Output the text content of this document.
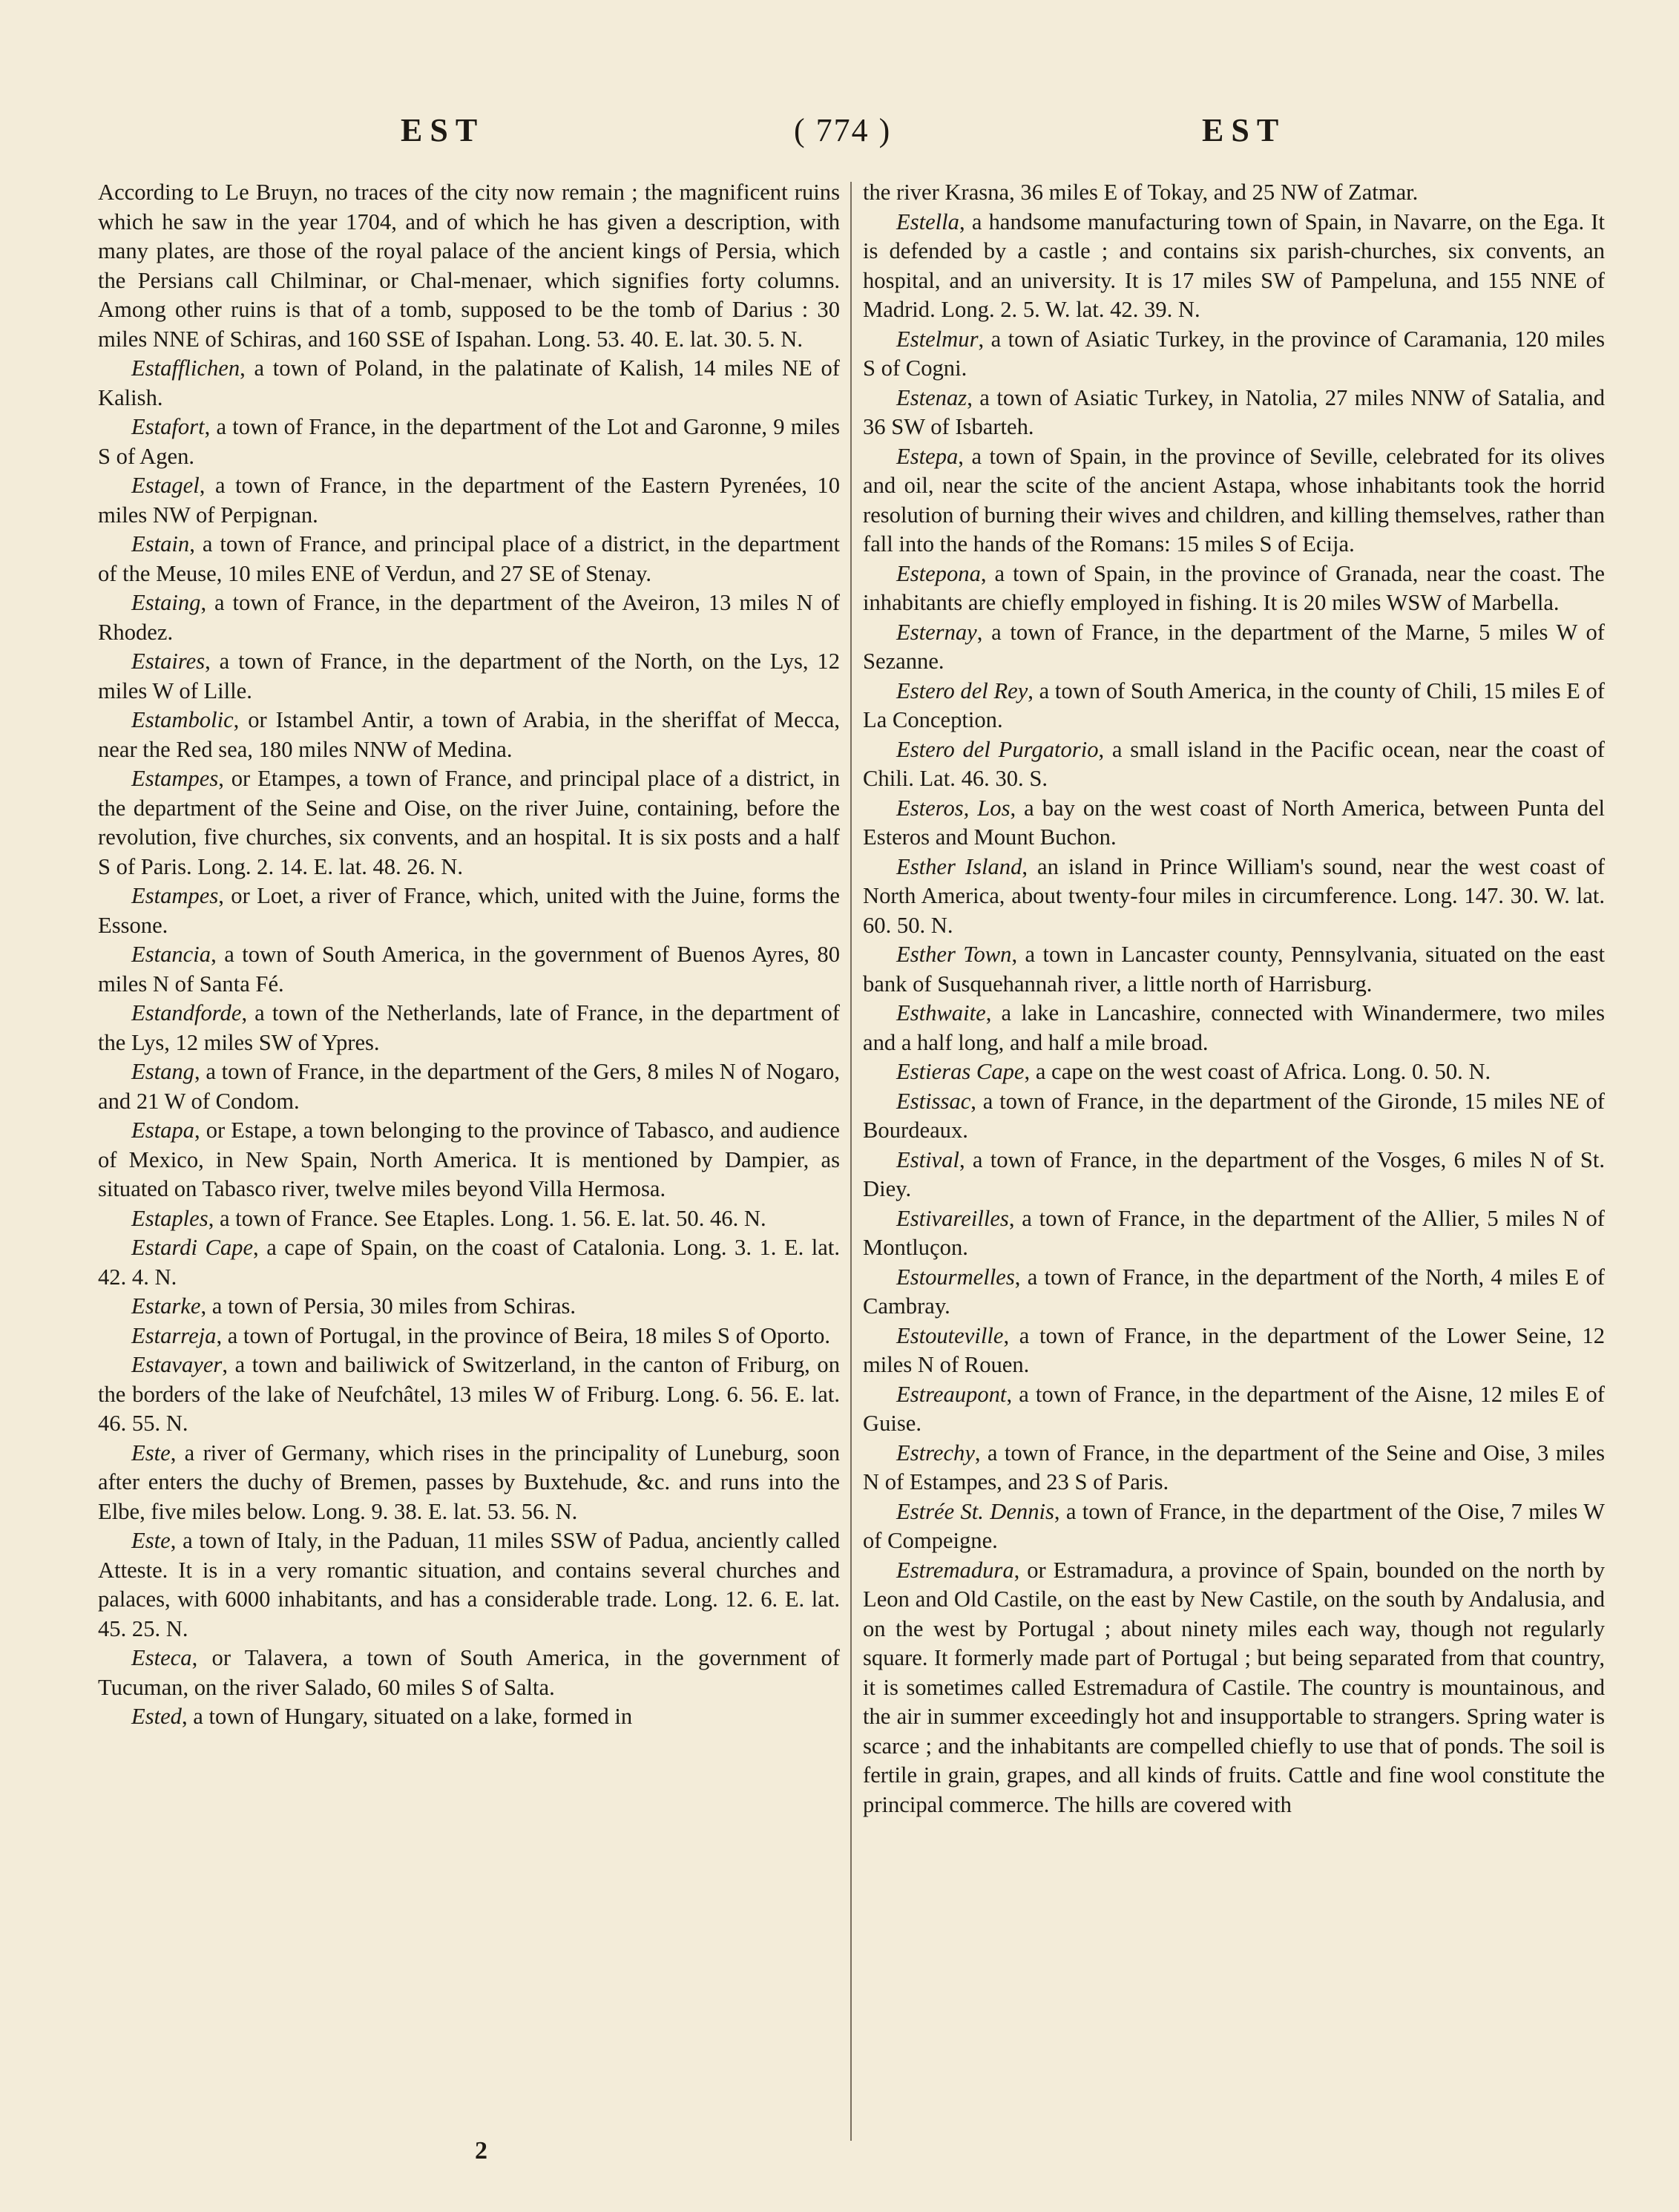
EST	( 774 )	EST

According to Le Bruyn, no traces of the city now remain ; the magnificent ruins which he saw in the year 1704, and of which he has given a description, with many plates, are those of the royal palace of the ancient kings of Persia, which the Persians call Chilminar, or Chal-menaer, which signifies forty columns. Among other ruins is that of a tomb, supposed to be the tomb of Darius : 30 miles NNE of Schiras, and 160 SSE of Ispahan. Long. 53. 40. E. lat. 30. 5. N.

Estafflichen, a town of Poland, in the palatinate of Kalish, 14 miles NE of Kalish.

Estafort, a town of France, in the department of the Lot and Garonne, 9 miles S of Agen.

Estagel, a town of France, in the department of the Eastern Pyrenées, 10 miles NW of Perpignan.

Estain, a town of France, and principal place of a district, in the department of the Meuse, 10 miles ENE of Verdun, and 27 SE of Stenay.

Estaing, a town of France, in the department of the Aveiron, 13 miles N of Rhodez.

Estaires, a town of France, in the department of the North, on the Lys, 12 miles W of Lille.

Estambolic, or Istambel Antir, a town of Arabia, in the sheriffat of Mecca, near the Red sea, 180 miles NNW of Medina.

Estampes, or Etampes, a town of France, and principal place of a district, in the department of the Seine and Oise, on the river Juine, containing, before the revolution, five churches, six convents, and an hospital. It is six posts and a half S of Paris. Long. 2. 14. E. lat. 48. 26. N.

Estampes, or Loet, a river of France, which, united with the Juine, forms the Essone.

Estancia, a town of South America, in the government of Buenos Ayres, 80 miles N of Santa Fé.

Estandforde, a town of the Netherlands, late of France, in the department of the Lys, 12 miles SW of Ypres.

Estang, a town of France, in the department of the Gers, 8 miles N of Nogaro, and 21 W of Condom.

Estapa, or Estape, a town belonging to the province of Tabasco, and audience of Mexico, in New Spain, North America. It is mentioned by Dampier, as situated on Tabasco river, twelve miles beyond Villa Hermosa.

Estaples, a town of France. See Etaples. Long. 1. 56. E. lat. 50. 46. N.

Estardi Cape, a cape of Spain, on the coast of Catalonia. Long. 3. 1. E. lat. 42. 4. N.

Estarke, a town of Persia, 30 miles from Schiras.

Estarreja, a town of Portugal, in the province of Beira, 18 miles S of Oporto.

Estavayer, a town and bailiwick of Switzerland, in the canton of Friburg, on the borders of the lake of Neufchâtel, 13 miles W of Friburg. Long. 6. 56. E. lat. 46. 55. N.

Este, a river of Germany, which rises in the principality of Luneburg, soon after enters the duchy of Bremen, passes by Buxtehude, &c. and runs into the Elbe, five miles below. Long. 9. 38. E. lat. 53. 56. N.

Este, a town of Italy, in the Paduan, 11 miles SSW of Padua, anciently called Atteste. It is in a very romantic situation, and contains several churches and palaces, with 6000 inhabitants, and has a considerable trade. Long. 12. 6. E. lat. 45. 25. N.

Esteca, or Talavera, a town of South America, in the government of Tucuman, on the river Salado, 60 miles S of Salta.

Ested, a town of Hungary, situated on a lake, formed in

the river Krasna, 36 miles E of Tokay, and 25 NW of Zatmar.

Estella, a handsome manufacturing town of Spain, in Navarre, on the Ega. It is defended by a castle ; and contains six parish-churches, six convents, an hospital, and an university. It is 17 miles SW of Pampeluna, and 155 NNE of Madrid. Long. 2. 5. W. lat. 42. 39. N.

Estelmur, a town of Asiatic Turkey, in the province of Caramania, 120 miles S of Cogni.

Estenaz, a town of Asiatic Turkey, in Natolia, 27 miles NNW of Satalia, and 36 SW of Isbarteh.

Estepa, a town of Spain, in the province of Seville, celebrated for its olives and oil, near the scite of the ancient Astapa, whose inhabitants took the horrid resolution of burning their wives and children, and killing themselves, rather than fall into the hands of the Romans: 15 miles S of Ecija.

Estepona, a town of Spain, in the province of Granada, near the coast. The inhabitants are chiefly employed in fishing. It is 20 miles WSW of Marbella.

Esternay, a town of France, in the department of the Marne, 5 miles W of Sezanne.

Estero del Rey, a town of South America, in the county of Chili, 15 miles E of La Conception.

Estero del Purgatorio, a small island in the Pacific ocean, near the coast of Chili. Lat. 46. 30. S.

Esteros, Los, a bay on the west coast of North America, between Punta del Esteros and Mount Buchon.

Esther Island, an island in Prince William's sound, near the west coast of North America, about twenty-four miles in circumference. Long. 147. 30. W. lat. 60. 50. N.

Esther Town, a town in Lancaster county, Pennsylvania, situated on the east bank of Susquehannah river, a little north of Harrisburg.

Esthwaite, a lake in Lancashire, connected with Winandermere, two miles and a half long, and half a mile broad.

Estieras Cape, a cape on the west coast of Africa. Long. 0. 50. N.

Estissac, a town of France, in the department of the Gironde, 15 miles NE of Bourdeaux.

Estival, a town of France, in the department of the Vosges, 6 miles N of St. Diey.

Estivareilles, a town of France, in the department of the Allier, 5 miles N of Montluçon.

Estourmelles, a town of France, in the department of the North, 4 miles E of Cambray.

Estouteville, a town of France, in the department of the Lower Seine, 12 miles N of Rouen.

Estreaupont, a town of France, in the department of the Aisne, 12 miles E of Guise.

Estrechy, a town of France, in the department of the Seine and Oise, 3 miles N of Estampes, and 23 S of Paris.

Estrée St. Dennis, a town of France, in the department of the Oise, 7 miles W of Compeigne.

Estremadura, or Estramadura, a province of Spain, bounded on the north by Leon and Old Castile, on the east by New Castile, on the south by Andalusia, and on the west by Portugal ; about ninety miles each way, though not regularly square. It formerly made part of Portugal ; but being separated from that country, it is sometimes called Estremadura of Castile. The country is mountainous, and the air in summer exceedingly hot and insupportable to strangers. Spring water is scarce ; and the inhabitants are compelled chiefly to use that of ponds. The soil is fertile in grain, grapes, and all kinds of fruits. Cattle and fine wool constitute the principal commerce. The hills are covered with

2
